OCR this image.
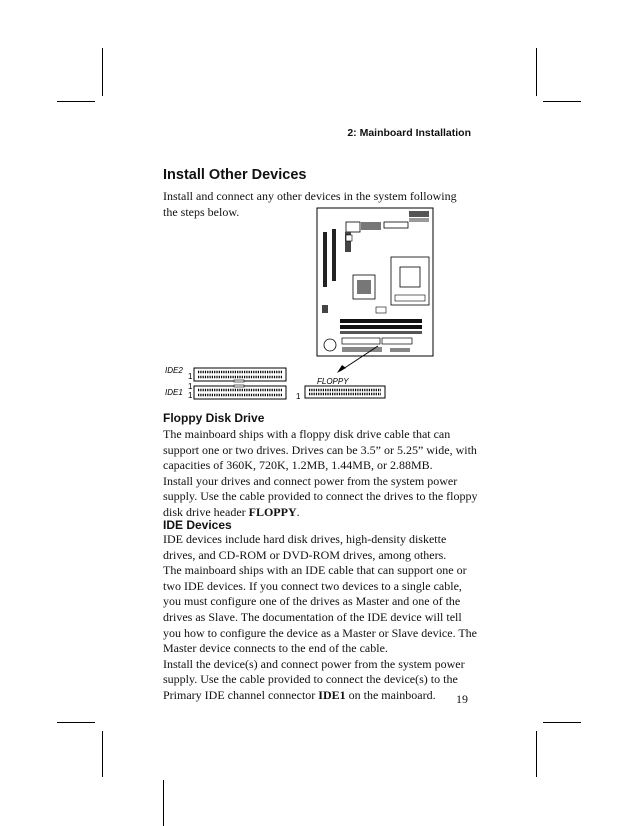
2: Mainboard Installation
Install Other Devices
Install and connect any other devices in the system following the steps below.
IDE2
1
1
IDE1 1
FLOPPY
1
Floppy Disk Drive

The mainboard ships with a floppy disk drive cable that can support one or two drives. Drives can be 3.5” or 5.25” wide, with capacities of 360K, 720K, 1.2MB, 1.44MB, or 2.88MB.

Install your drives and connect power from the system power supply. Use the cable provided to connect the drives to the floppy disk drive header FLOPPY.

IDE Devices

IDE devices include hard disk drives, high-density diskette drives, and CD-ROM or DVD-ROM drives, among others.

The mainboard ships with an IDE cable that can support one or two IDE devices. If you connect two devices to a single cable, you must configure one of the drives as Master and one of the drives as Slave. The documentation of the IDE device will tell you how to configure the device as a Master or Slave device. The Master device connects to the end of the cable.

Install the device(s) and connect power from the system power supply. Use the cable provided to connect the device(s) to the Primary IDE channel connector IDE1 on the mainboard.	19
